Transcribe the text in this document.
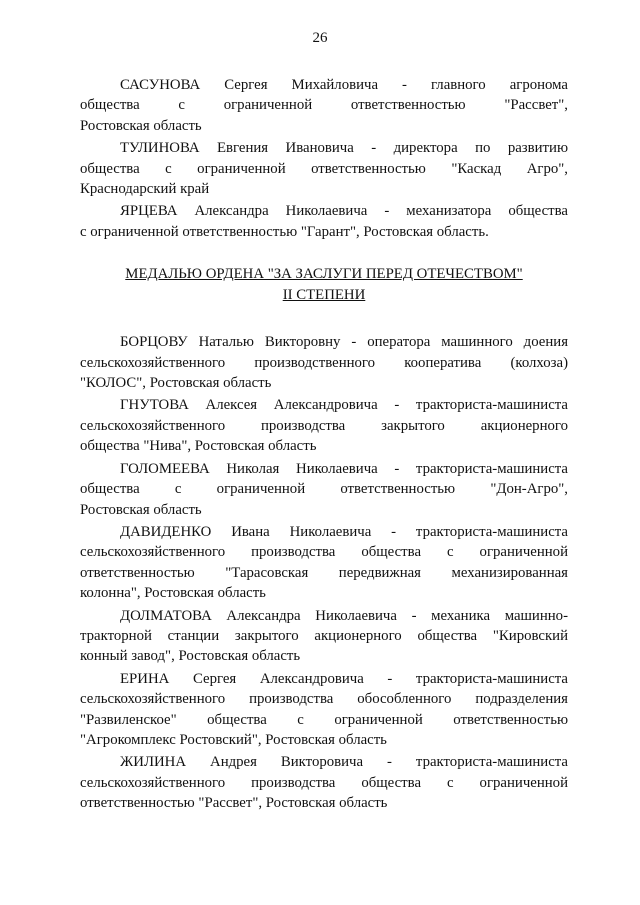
26
САСУНОВА Сергея Михайловича - главного агронома
общества с ограниченной ответственностью "Рассвет",
Ростовская область
ТУЛИНОВА Евгения Ивановича - директора по развитию
общества с ограниченной ответственностью "Каскад Агро",
Краснодарский край
ЯРЦЕВА Александра Николаевича - механизатора общества
с ограниченной ответственностью "Гарант", Ростовская область.
МЕДАЛЬЮ ОРДЕНА "ЗА ЗАСЛУГИ ПЕРЕД ОТЕЧЕСТВОМ"
II СТЕПЕНИ
БОРЦОВУ Наталью Викторовну - оператора машинного доения
сельскохозяйственного производственного кооператива (колхоза)
"КОЛОС", Ростовская область
ГНУТОВА Алексея Александровича - тракториста-машиниста
сельскохозяйственного производства закрытого акционерного
общества "Нива", Ростовская область
ГОЛОМЕЕВА Николая Николаевича - тракториста-машиниста
общества с ограниченной ответственностью "Дон-Агро",
Ростовская область
ДАВИДЕНКО Ивана Николаевича - тракториста-машиниста
сельскохозяйственного производства общества с ограниченной
ответственностью "Тарасовская передвижная механизированная
колонна", Ростовская область
ДОЛМАТОВА Александра Николаевича - механика машинно-
тракторной станции закрытого акционерного общества "Кировский
конный завод", Ростовская область
ЕРИНА Сергея Александровича - тракториста-машиниста
сельскохозяйственного производства обособленного подразделения
"Развиленское" общества с ограниченной ответственностью
"Агрокомплекс Ростовский", Ростовская область
ЖИЛИНА Андрея Викторовича - тракториста-машиниста
сельскохозяйственного производства общества с ограниченной
ответственностью "Рассвет", Ростовская область
